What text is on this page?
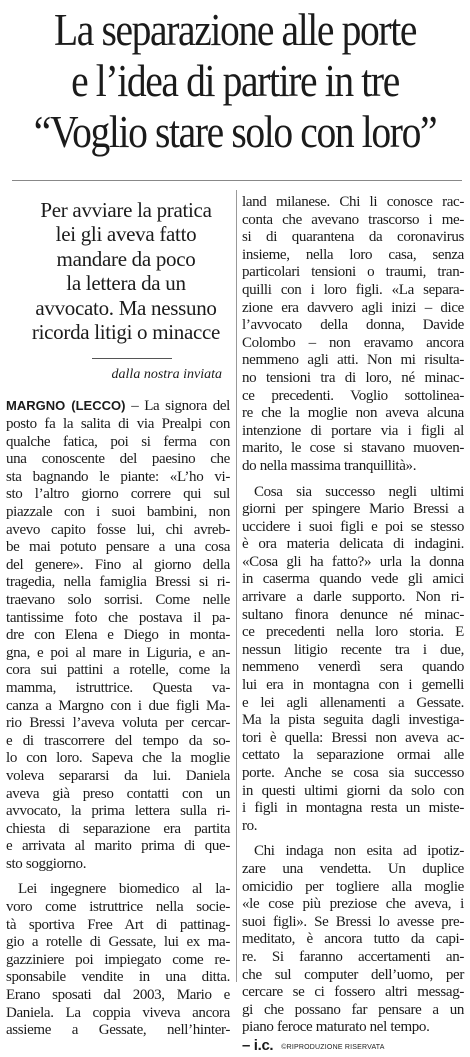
La separazione alle porte
e l’idea di partire in tre
“Voglio stare solo con loro”
Per avviare la pratica
lei gli aveva fatto
mandare da poco
la lettera da un
avvocato. Ma nessuno
ricorda litigi o minacce
dalla nostra inviata
MARGNO (LECCO) – La signora del
posto fa la salita di via Prealpi con
qualche fatica, poi si ferma con
una conoscente del paesino che
sta bagnando le piante: «L’ho vi-
sto l’altro giorno correre qui sul
piazzale con i suoi bambini, non
avevo capito fosse lui, chi avreb-
be mai potuto pensare a una cosa
del genere». Fino al giorno della
tragedia, nella famiglia Bressi si ri-
traevano solo sorrisi. Come nelle
tantissime foto che postava il pa-
dre con Elena e Diego in monta-
gna, e poi al mare in Liguria, e an-
cora sui pattini a rotelle, come la
mamma, istruttrice. Questa va-
canza a Margno con i due figli Ma-
rio Bressi l’aveva voluta per cercar-
e di trascorrere del tempo da so-
lo con loro. Sapeva che la moglie
voleva separarsi da lui. Daniela
aveva già preso contatti con un
avvocato, la prima lettera sulla ri-
chiesta di separazione era partita
e arrivata al marito prima di que-
sto soggiorno.
Lei ingegnere biomedico al la-
voro come istruttrice nella socie-
tà sportiva Free Art di pattinag-
gio a rotelle di Gessate, lui ex ma-
gazziniere poi impiegato come re-
sponsabile vendite in una ditta.
Erano sposati dal 2003, Mario e
Daniela. La coppia viveva ancora
assieme a Gessate, nell’hinter-
land milanese. Chi li conosce rac-
conta che avevano trascorso i me-
si di quarantena da coronavirus
insieme, nella loro casa, senza
particolari tensioni o traumi, tran-
quilli con i loro figli. «La separa-
zione era davvero agli inizi – dice
l’avvocato della donna, Davide
Colombo – non eravamo ancora
nemmeno agli atti. Non mi risulta-
no tensioni tra di loro, né minac-
ce precedenti. Voglio sottolinea-
re che la moglie non aveva alcuna
intenzione di portare via i figli al
marito, le cose si stavano muoven-
do nella massima tranquillità».
Cosa sia successo negli ultimi
giorni per spingere Mario Bressi a
uccidere i suoi figli e poi se stesso
è ora materia delicata di indagini.
«Cosa gli ha fatto?» urla la donna
in caserma quando vede gli amici
arrivare a darle supporto. Non ri-
sultano finora denunce né minac-
ce precedenti nella loro storia. E
nessun litigio recente tra i due,
nemmeno venerdì sera quando
lui era in montagna con i gemelli
e lei agli allenamenti a Gessate.
Ma la pista seguita dagli investiga-
tori è quella: Bressi non aveva ac-
cettato la separazione ormai alle
porte. Anche se cosa sia successo
in questi ultimi giorni da solo con
i figli in montagna resta un miste-
ro.
Chi indaga non esita ad ipotiz-
zare una vendetta. Un duplice
omicidio per togliere alla moglie
«le cose più preziose che aveva, i
suoi figli». Se Bressi lo avesse pre-
meditato, è ancora tutto da capi-
re. Si faranno accertamenti an-
che sul computer dell’uomo, per
cercare se ci fossero altri messag-
gi che possano far pensare a un
piano feroce maturato nel tempo.
– i.c. ©RIPRODUZIONE RISERVATA
